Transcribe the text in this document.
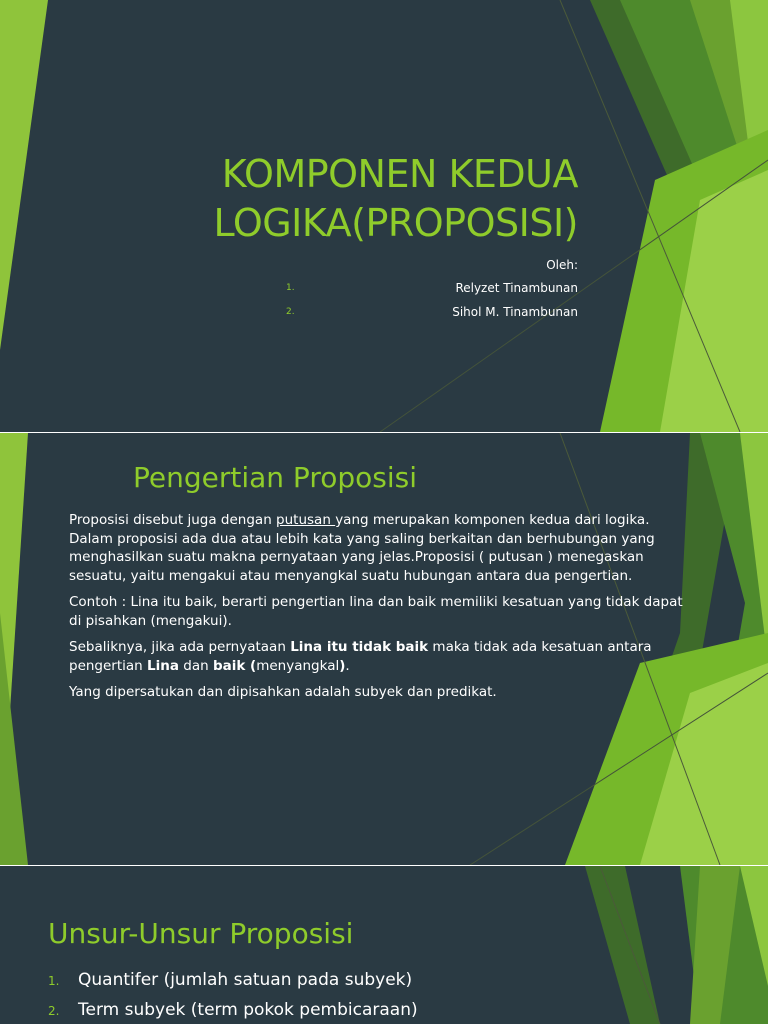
KOMPONEN KEDUA
LOGIKA(PROPOSISI)
Oleh:
1.	Relyzet Tinambunan
2.	Sihol M. Tinambunan
Pengertian Proposisi

Proposisi disebut juga dengan putusan yang merupakan komponen kedua dari logika. Dalam proposisi ada dua atau lebih kata yang saling berkaitan dan berhubungan yang menghasilkan suatu makna pernyataan yang jelas.Proposisi ( putusan ) menegaskan sesuatu, yaitu mengakui atau menyangkal suatu hubungan antara dua pengertian.

Contoh : Lina itu baik, berarti pengertian lina dan baik memiliki kesatuan yang tidak dapat di pisahkan (mengakui).

Sebaliknya, jika ada pernyataan Lina itu tidak baik maka tidak ada kesatuan antara pengertian Lina dan baik (menyangkal).

Yang dipersatukan dan dipisahkan adalah subyek dan predikat.

Unsur-Unsur Proposisi
1.	Quantifer (jumlah satuan pada subyek)
2.	Term subyek (term pokok pembicaraan)
